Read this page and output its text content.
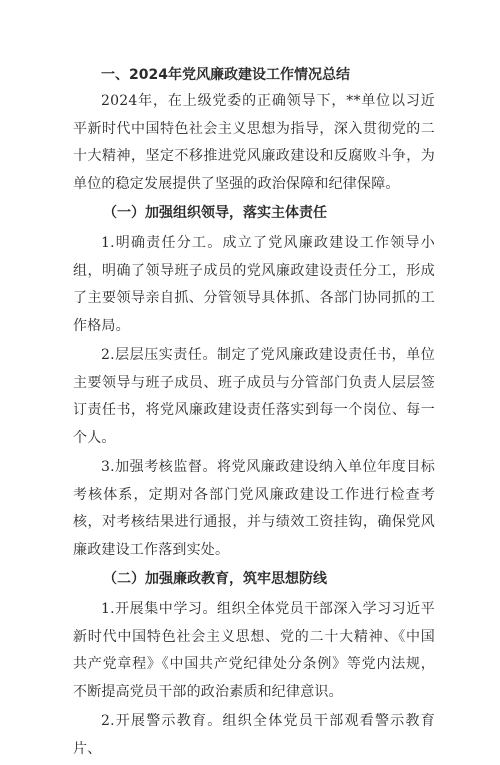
一、2024年党风廉政建设工作情况总结

2024年，在上级党委的正确领导下，**单位以习近平新时代中国特色社会主义思想为指导，深入贯彻党的二十大精神，坚定不移推进党风廉政建设和反腐败斗争，为单位的稳定发展提供了坚强的政治保障和纪律保障。

（一）加强组织领导，落实主体责任

1.明确责任分工。成立了党风廉政建设工作领导小组，明确了领导班子成员的党风廉政建设责任分工，形成了主要领导亲自抓、分管领导具体抓、各部门协同抓的工作格局。

2.层层压实责任。制定了党风廉政建设责任书，单位主要领导与班子成员、班子成员与分管部门负责人层层签订责任书，将党风廉政建设责任落实到每一个岗位、每一个人。

3.加强考核监督。将党风廉政建设纳入单位年度目标考核体系，定期对各部门党风廉政建设工作进行检查考核，对考核结果进行通报，并与绩效工资挂钩，确保党风廉政建设工作落到实处。

（二）加强廉政教育，筑牢思想防线

1.开展集中学习。组织全体党员干部深入学习习近平新时代中国特色社会主义思想、党的二十大精神、《中国共产党章程》《中国共产党纪律处分条例》等党内法规，不断提高党员干部的政治素质和纪律意识。

2.开展警示教育。组织全体党员干部观看警示教育片、
